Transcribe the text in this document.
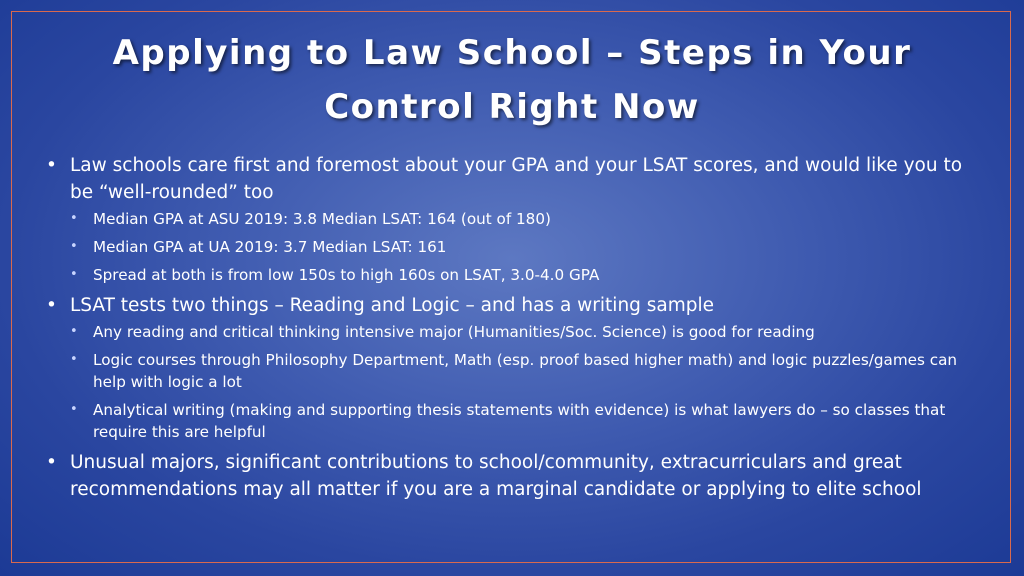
Applying to Law School – Steps in Your
Control Right Now
• Law schools care first and foremost about your GPA and your LSAT scores, and would like you to be “well-rounded” too
• Median GPA at ASU 2019: 3.8 Median LSAT: 164 (out of 180)
• Median GPA at UA 2019: 3.7 Median LSAT: 161
• Spread at both is from low 150s to high 160s on LSAT, 3.0-4.0 GPA
• LSAT tests two things – Reading and Logic – and has a writing sample
• Any reading and critical thinking intensive major (Humanities/Soc. Science) is good for reading
• Logic courses through Philosophy Department, Math (esp. proof based higher math) and logic puzzles/games can help with logic a lot
• Analytical writing (making and supporting thesis statements with evidence) is what lawyers do – so classes that require this are helpful
• Unusual majors, significant contributions to school/community, extracurriculars and great recommendations may all matter if you are a marginal candidate or applying to elite school
